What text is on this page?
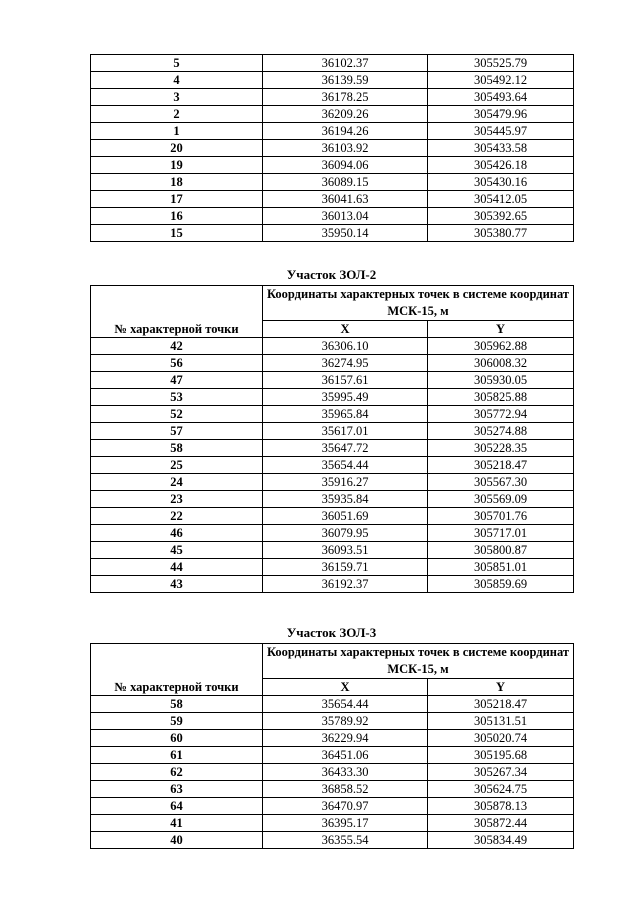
5	36102.37	305525.79
4	36139.59	305492.12
3	36178.25	305493.64
2	36209.26	305479.96
1	36194.26	305445.97
20	36103.92	305433.58
19	36094.06	305426.18
18	36089.15	305430.16
17	36041.63	305412.05
16	36013.04	305392.65
15	35950.14	305380.77
Участок ЗОЛ-2
№ характерной точки	Координаты характерных точек в системе координат МСК-15, м	
	X	Y
42	36306.10	305962.88
56	36274.95	306008.32
47	36157.61	305930.05
53	35995.49	305825.88
52	35965.84	305772.94
57	35617.01	305274.88
58	35647.72	305228.35
25	35654.44	305218.47
24	35916.27	305567.30
23	35935.84	305569.09
22	36051.69	305701.76
46	36079.95	305717.01
45	36093.51	305800.87
44	36159.71	305851.01
43	36192.37	305859.69
Участок ЗОЛ-3
№ характерной точки	Координаты характерных точек в системе координат МСК-15, м	
	X	Y
58	35654.44	305218.47
59	35789.92	305131.51
60	36229.94	305020.74
61	36451.06	305195.68
62	36433.30	305267.34
63	36858.52	305624.75
64	36470.97	305878.13
41	36395.17	305872.44
40	36355.54	305834.49
